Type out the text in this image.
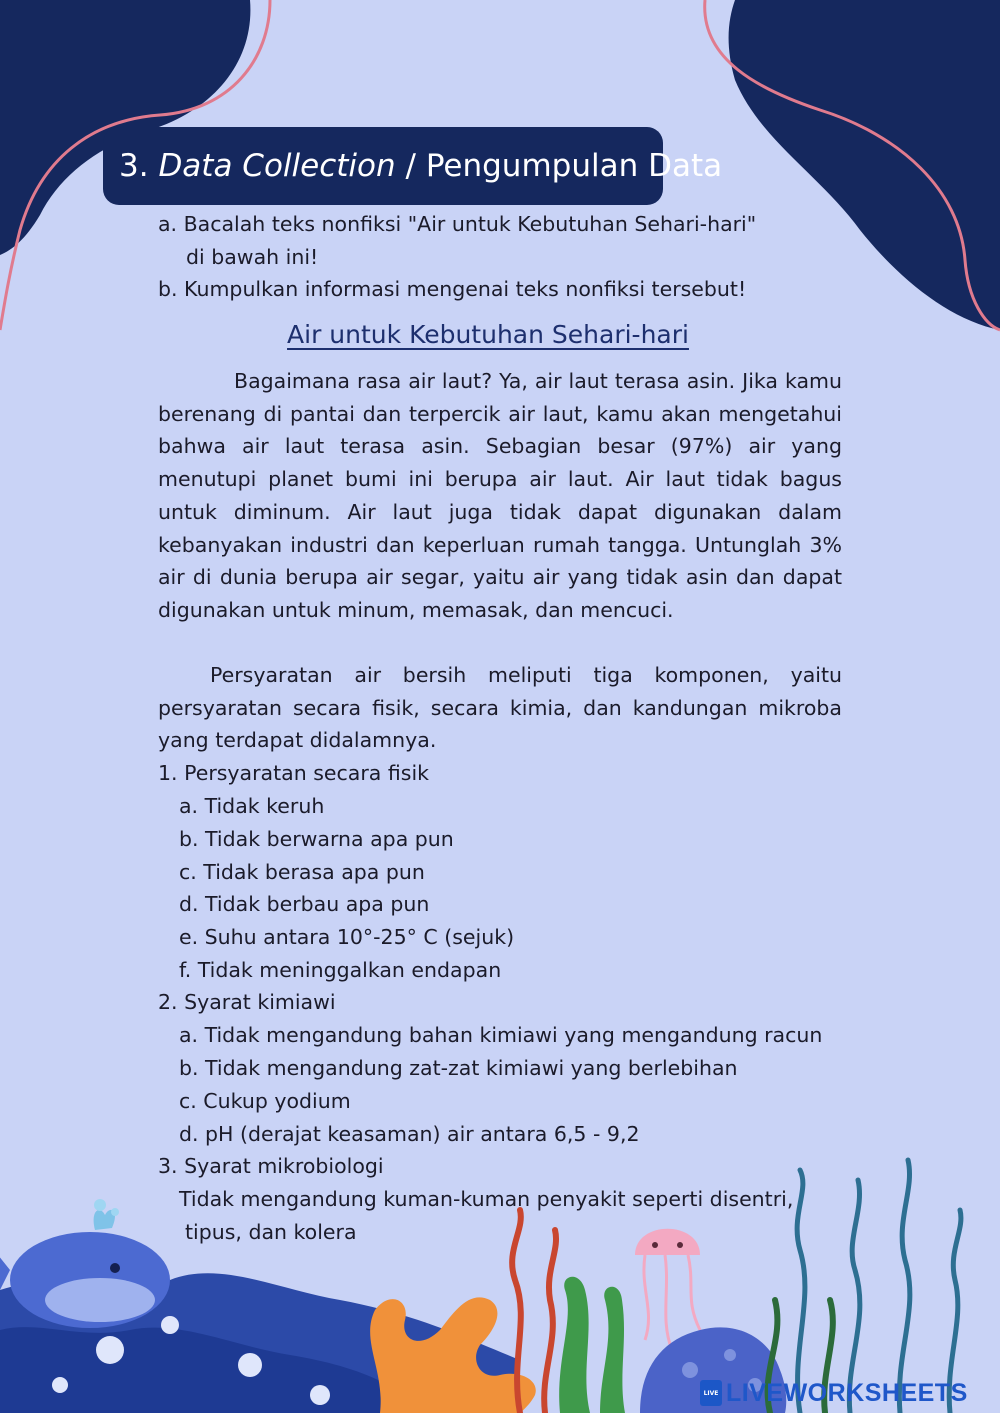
3. Data Collection / Pengumpulan Data
a. Bacalah teks nonfiksi "Air untuk Kebutuhan Sehari-hari"
di bawah ini!
b. Kumpulkan informasi mengenai teks nonfiksi tersebut!
Air untuk Kebutuhan Sehari-hari

Bagaimana rasa air laut? Ya, air laut terasa asin. Jika kamu berenang di pantai dan terpercik air laut, kamu akan mengetahui bahwa air laut terasa asin. Sebagian besar (97%) air yang menutupi planet bumi ini berupa air laut. Air laut tidak bagus untuk diminum. Air laut juga tidak dapat digunakan dalam kebanyakan industri dan keperluan rumah tangga. Untunglah 3% air di dunia berupa air segar, yaitu air yang tidak asin dan dapat digunakan untuk minum, memasak, dan mencuci.

Persyaratan air bersih meliputi tiga komponen, yaitu persyaratan secara fisik, secara kimia, dan kandungan mikroba yang terdapat didalamnya.

1. Persyaratan secara fisik
a. Tidak keruh
b. Tidak berwarna apa pun
c. Tidak berasa apa pun
d. Tidak berbau apa pun
e. Suhu antara 10°-25° C (sejuk)
f. Tidak meninggalkan endapan
2. Syarat kimiawi
a. Tidak mengandung bahan kimiawi yang mengandung racun
b. Tidak mengandung zat-zat kimiawi yang berlebihan
c. Cukup yodium
d. pH (derajat keasaman) air antara 6,5 - 9,2
3. Syarat mikrobiologi
Tidak mengandung kuman-kuman penyakit seperti disentri,
tipus, dan kolera
LIVE LIVEWORKSHEETS
